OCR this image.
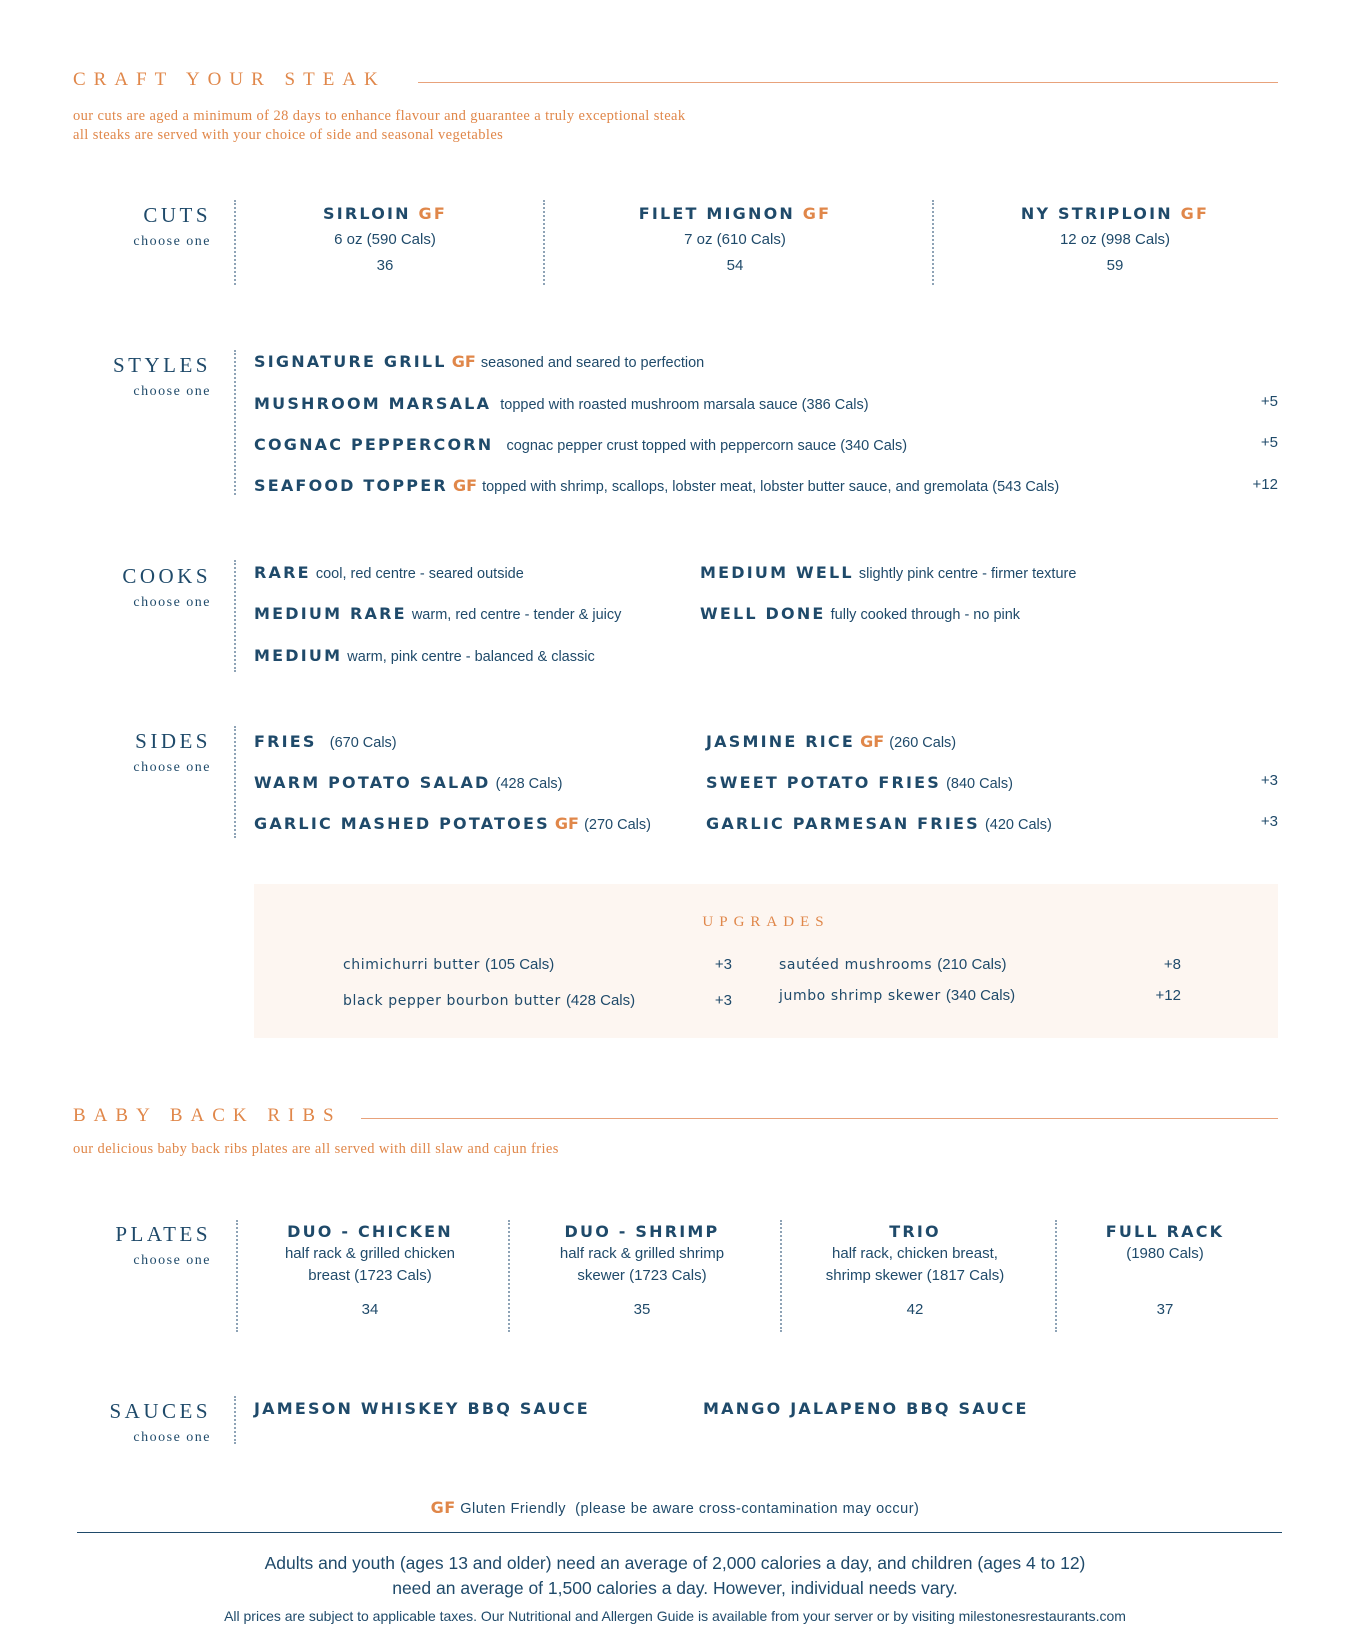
CRAFT YOUR STEAK
our cuts are aged a minimum of 28 days to enhance flavour and guarantee a truly exceptional steak
all steaks are served with your choice of side and seasonal vegetables
CUTS
choose one
SIRLOIN GF
6 oz (590 Cals)
36
FILET MIGNON GF
7 oz (610 Cals)
54
NY STRIPLOIN GF
12 oz (998 Cals)
59
STYLES
choose one
SIGNATURE GRILL GF seasoned and seared to perfection
MUSHROOM MARSALA topped with roasted mushroom marsala sauce (386 Cals)	+5
COGNAC PEPPERCORN cognac pepper crust topped with peppercorn sauce (340 Cals)	+5
SEAFOOD TOPPER GF topped with shrimp, scallops, lobster meat, lobster butter sauce, and gremolata (543 Cals)	+12
COOKS
choose one
RARE cool, red centre - seared outside
MEDIUM RARE warm, red centre - tender & juicy
MEDIUM warm, pink centre - balanced & classic
MEDIUM WELL slightly pink centre - firmer texture
WELL DONE fully cooked through - no pink
SIDES
choose one
FRIES (670 Cals)
WARM POTATO SALAD (428 Cals)
GARLIC MASHED POTATOES GF (270 Cals)
JASMINE RICE GF (260 Cals)
SWEET POTATO FRIES (840 Cals)	+3
GARLIC PARMESAN FRIES (420 Cals)	+3
UPGRADES
chimichurri butter (105 Cals)	+3
black pepper bourbon butter (428 Cals)	+3
sautéed mushrooms (210 Cals)	+8
jumbo shrimp skewer (340 Cals)	+12
BABY BACK RIBS
our delicious baby back ribs plates are all served with dill slaw and cajun fries
PLATES
choose one
DUO - CHICKEN
half rack & grilled chicken
breast (1723 Cals)
34
DUO - SHRIMP
half rack & grilled shrimp
skewer (1723 Cals)
35
TRIO
half rack, chicken breast,
shrimp skewer (1817 Cals)
42
FULL RACK
(1980 Cals)
37
SAUCES
choose one
JAMESON WHISKEY BBQ SAUCE	MANGO JALAPENO BBQ SAUCE
GF Gluten Friendly (please be aware cross-contamination may occur)
Adults and youth (ages 13 and older) need an average of 2,000 calories a day, and children (ages 4 to 12)
need an average of 1,500 calories a day. However, individual needs vary.
All prices are subject to applicable taxes. Our Nutritional and Allergen Guide is available from your server or by visiting milestonesrestaurants.com
